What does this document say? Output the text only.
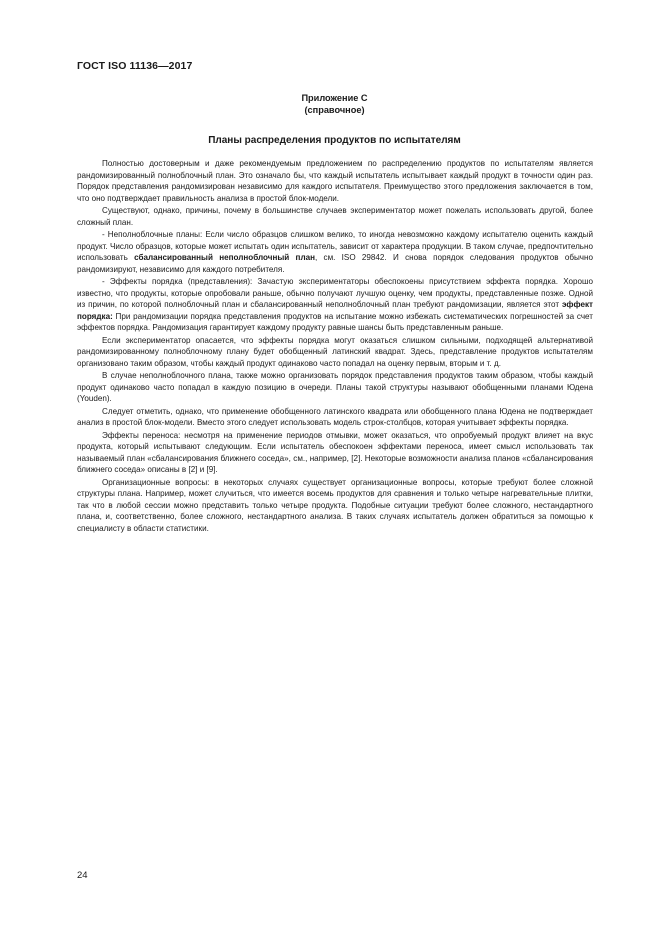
ГОСТ ISO 11136—2017
Приложение С
(справочное)
Планы распределения продуктов по испытателям

Полностью достоверным и даже рекомендуемым предложением по распределению продуктов по испытателям является рандомизированный полноблочный план. Это означало бы, что каждый испытатель испытывает каждый продукт в точности один раз. Порядок представления рандомизирован независимо для каждого испытателя. Преимущество этого предложения заключается в том, что оно подтверждает правильность анализа в простой блок-модели.

Существуют, однако, причины, почему в большинстве случаев экспериментатор может пожелать использовать другой, более сложный план.

- Неполноблочные планы: Если число образцов слишком велико, то иногда невозможно каждому испытателю оценить каждый продукт. Число образцов, которые может испытать один испытатель, зависит от характера продукции. В таком случае, предпочтительно использовать сбалансированный неполноблочный план, см. ISO 29842. И снова порядок следования продуктов обычно рандомизируют, независимо для каждого потребителя.

- Эффекты порядка (представления): Зачастую экспериментаторы обеспокоены присутствием эффекта порядка. Хорошо известно, что продукты, которые опробовали раньше, обычно получают лучшую оценку, чем продукты, представленные позже. Одной из причин, по которой полноблочный план и сбалансированный неполноблочный план требуют рандомизации, является этот эффект порядка: При рандомизации порядка представления продуктов на испытание можно избежать систематических погрешностей за счет эффектов порядка. Рандомизация гарантирует каждому продукту равные шансы быть представленным раньше.

Если экспериментатор опасается, что эффекты порядка могут оказаться слишком сильными, подходящей альтернативой рандомизированному полноблочному плану будет обобщенный латинский квадрат. Здесь, представление продуктов испытателям организовано таким образом, чтобы каждый продукт одинаково часто попадал на оценку первым, вторым и т. д.

В случае неполноблочного плана, также можно организовать порядок представления продуктов таким образом, чтобы каждый продукт одинаково часто попадал в каждую позицию в очереди. Планы такой структуры называют обобщенными планами Юдена (Youden).

Следует отметить, однако, что применение обобщенного латинского квадрата или обобщенного плана Юдена не подтверждает анализ в простой блок-модели. Вместо этого следует использовать модель строк-столбцов, которая учитывает эффекты порядка.

Эффекты переноса: несмотря на применение периодов отмывки, может оказаться, что опробуемый продукт влияет на вкус продукта, который испытывают следующим. Если испытатель обеспокоен эффектами переноса, имеет смысл использовать так называемый план «сбалансирования ближнего соседа», см., например, [2]. Некоторые возможности анализа планов «сбалансирования ближнего соседа» описаны в [2] и [9].

Организационные вопросы: в некоторых случаях существует организационные вопросы, которые требуют более сложной структуры плана. Например, может случиться, что имеется восемь продуктов для сравнения и только четыре нагревательные плитки, так что в любой сессии можно представить только четыре продукта. Подобные ситуации требуют более сложного, нестандартного плана, и, соответственно, более сложного, нестандартного анализа. В таких случаях испытатель должен обратиться за помощью к специалисту в области статистики.

24
